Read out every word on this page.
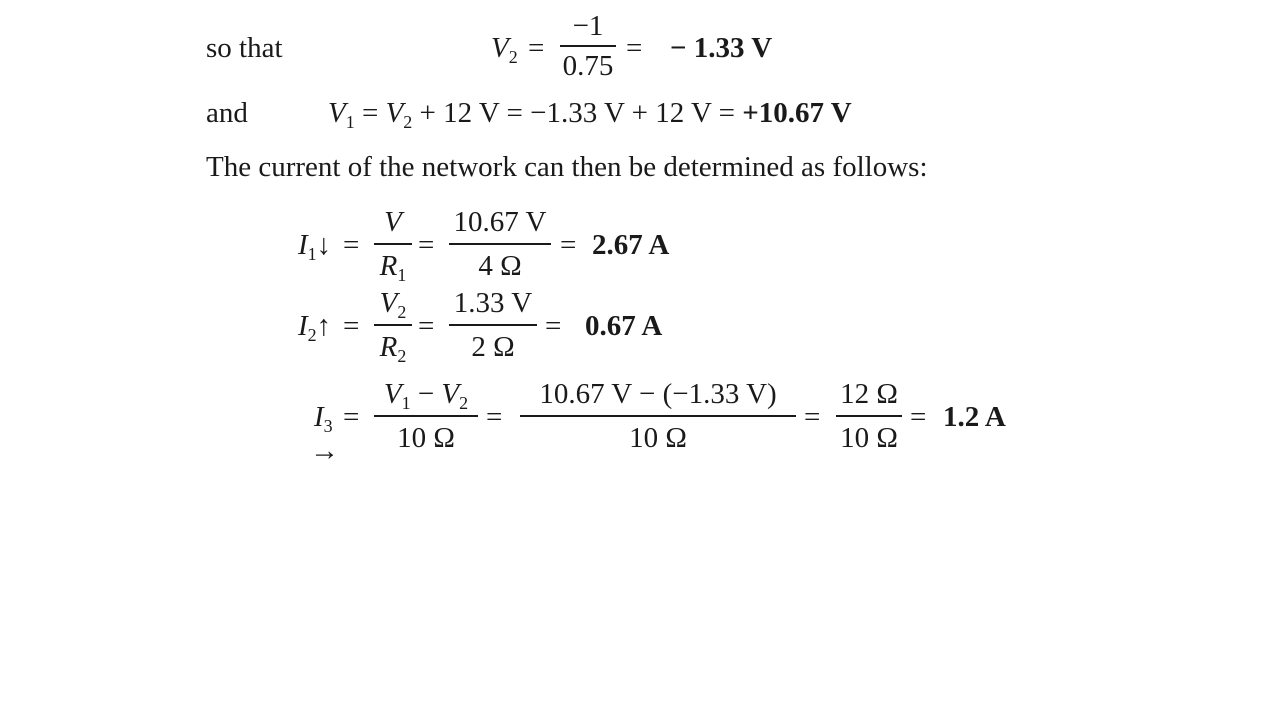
so that	V2 =
−1
0.75
= − 1.33 V
and	V1 = V2 + 12 V = −1.33 V + 12 V = +10.67 V
The current of the network can then be determined as follows:
I1↓ =
V
R1
=
10.67 V
4 Ω
= 2.67 A
I2↑ =
V2
R2
=
1.33 V
2 Ω
= 0.67 A
I3
→
=
V1 − V2
10 Ω
=
10.67 V − (−1.33 V)
10 Ω
=
12 Ω
10 Ω
= 1.2 A
